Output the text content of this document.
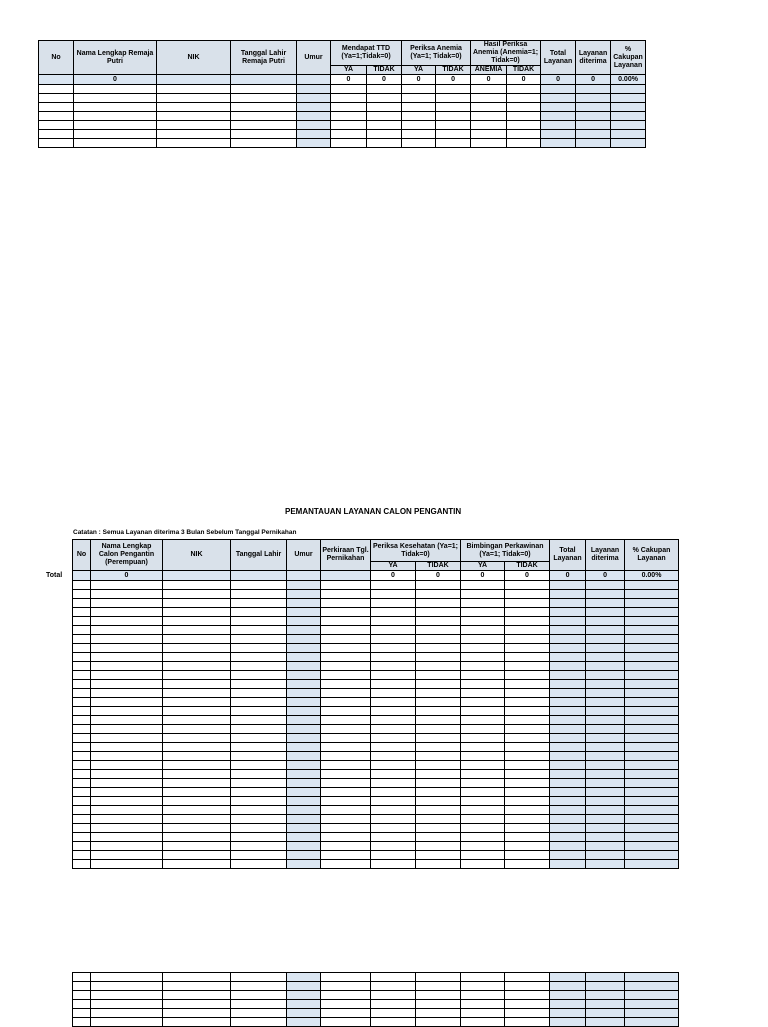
No	Nama Lengkap Remaja Putri	NIK	Tanggal Lahir Remaja Putri	Umur	Mendapat TTD (Ya=1;Tidak=0)		Periksa Anemia (Ya=1; Tidak=0)		Hasil Periksa Anemia (Anemia=1; Tidak=0)		Total Layanan	Layanan diterima	% Cakupan Layanan
					YA	TIDAK	YA	TIDAK	ANEMIA	TIDAK			
	0				0	0	0	0	0	0	0	0	0.00%

PEMANTAUAN LAYANAN CALON PENGANTIN
Catatan : Semua Layanan diterima 3 Bulan Sebelum Tanggal Pernikahan
Total
No	Nama Lengkap Calon Pengantin (Perempuan)	NIK	Tanggal Lahir	Umur	Perkiraan Tgl. Pernikahan	Periksa Kesehatan (Ya=1; Tidak=0)		Bimbingan Perkawinan (Ya=1; Tidak=0)		Total Layanan	Layanan diterima	% Cakupan Layanan
						YA	TIDAK	YA	TIDAK			
	0					0	0	0	0	0	0	0.00%
